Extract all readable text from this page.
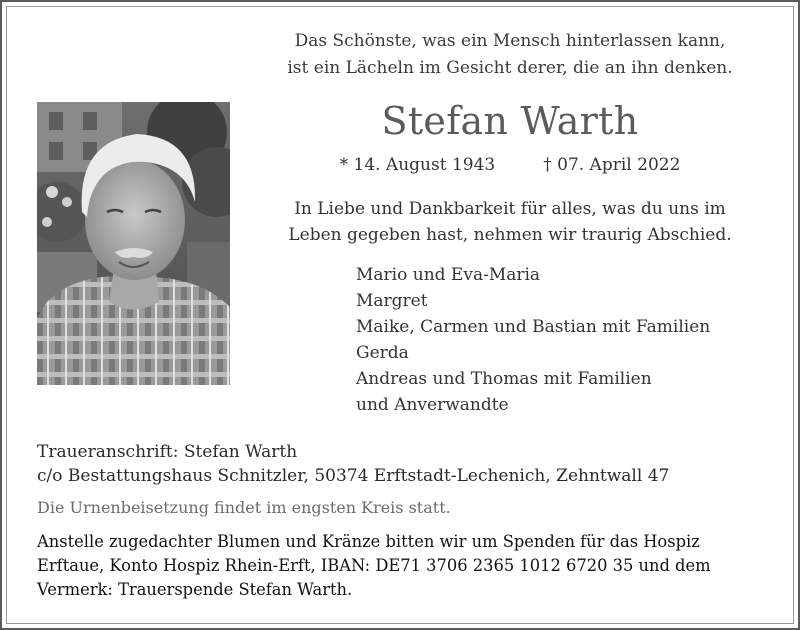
Das Schönste, was ein Mensch hinterlassen kann,
ist ein Lächeln im Gesicht derer, die an ihn denken.
Stefan Warth
* 14. August 1943	† 07. April 2022
In Liebe und Dankbarkeit für alles, was du uns im
Leben gegeben hast, nehmen wir traurig Abschied.
Mario und Eva-Maria
Margret
Maike, Carmen und Bastian mit Familien
Gerda
Andreas und Thomas mit Familien
und Anverwandte
Traueranschrift: Stefan Warth
c/o Bestattungshaus Schnitzler, 50374 Erftstadt-Lechenich, Zehntwall 47
Die Urnenbeisetzung findet im engsten Kreis statt.
Anstelle zugedachter Blumen und Kränze bitten wir um Spenden für das Hospiz
Erftaue, Konto Hospiz Rhein-Erft, IBAN: DE71 3706 2365 1012 6720 35 und dem
Vermerk: Trauerspende Stefan Warth.
